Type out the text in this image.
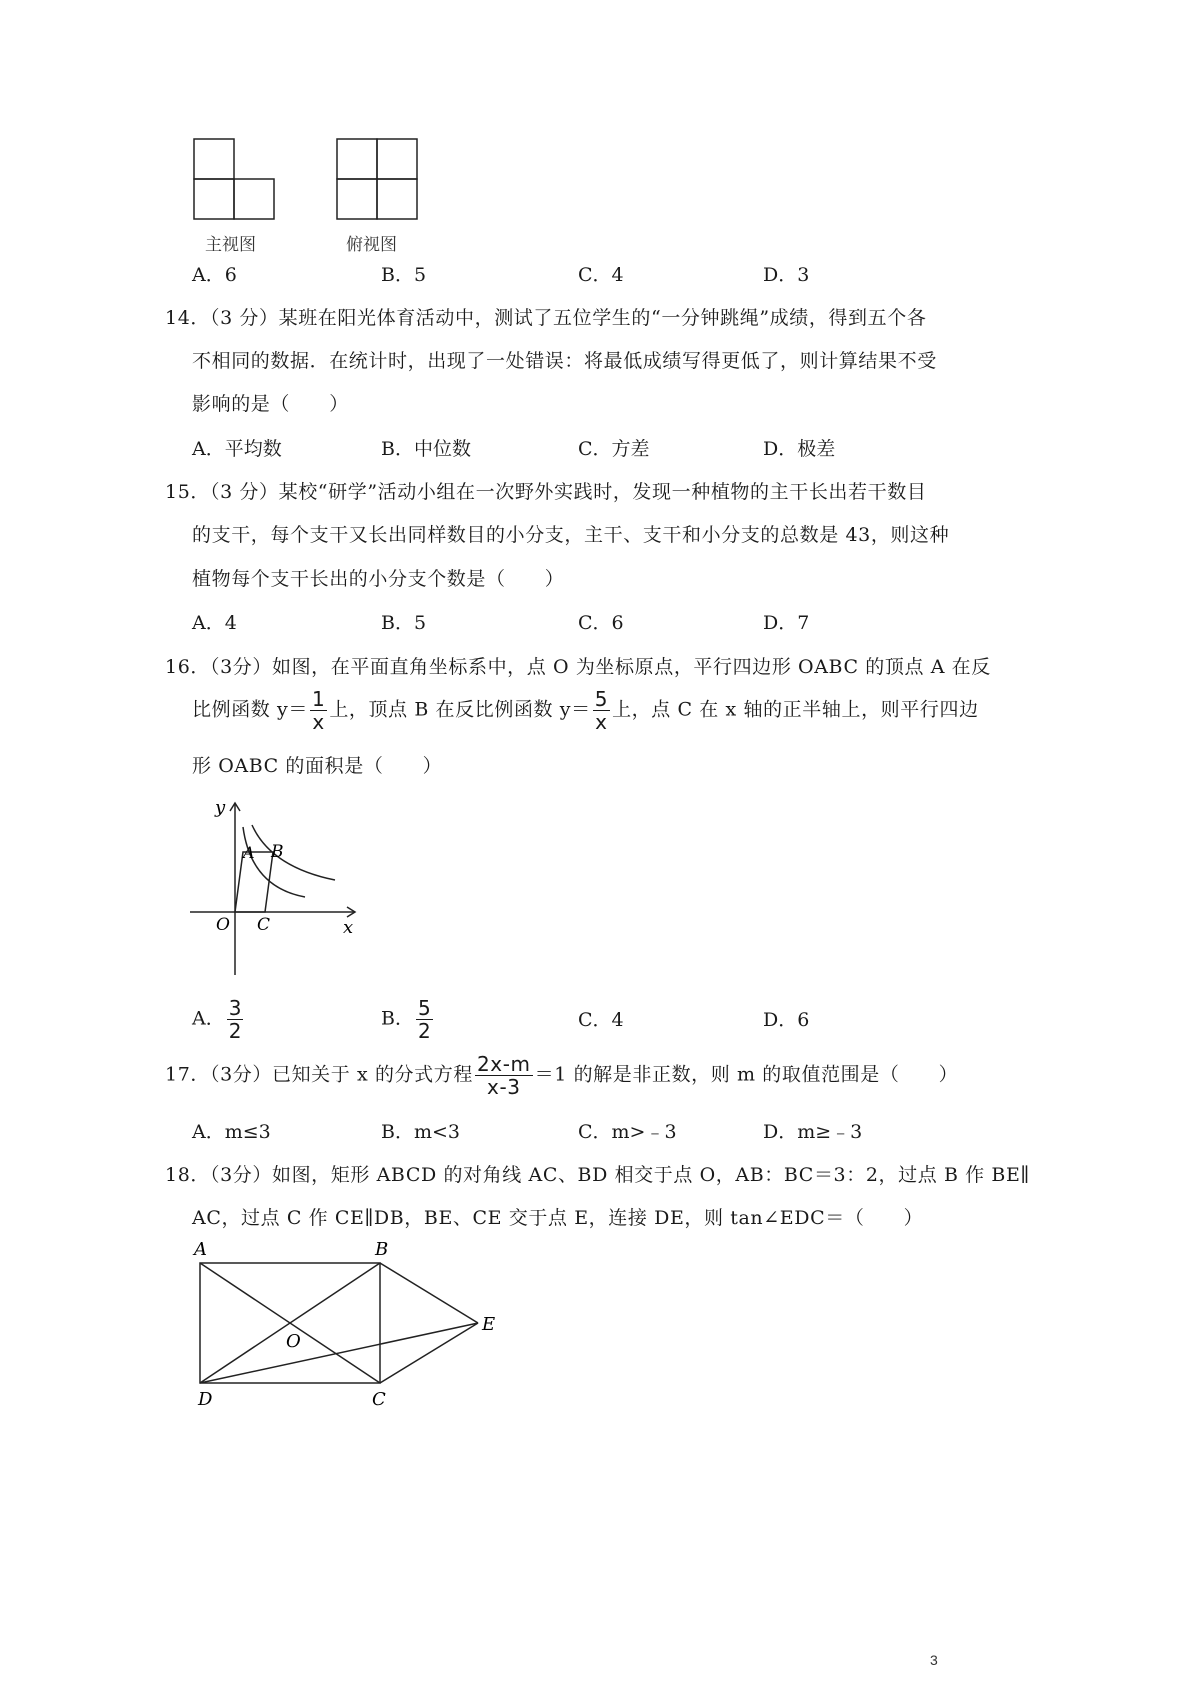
主视图	俯视图
A．6	B．5	C．4	D．3
14．（3 分）某班在阳光体育活动中，测试了五位学生的“一分钟跳绳”成绩，得到五个各
不相同的数据．在统计时，出现了一处错误：将最低成绩写得更低了，则计算结果不受
影响的是（　　）
A．平均数	B．中位数	C．方差	D．极差
15．（3 分）某校“研学”活动小组在一次野外实践时，发现一种植物的主干长出若干数目
的支干，每个支干又长出同样数目的小分支，主干、支干和小分支的总数是 43，则这种
植物每个支干长出的小分支个数是（　　）
A．4	B．5	C．6	D．7
16．（3分）如图，在平面直角坐标系中，点 O 为坐标原点，平行四边形 OABC 的顶点 A 在反
比例函数 $y= \frac{1}{x}$ 上，顶点 B 在反比例函数 $y= \frac{5}{x}$ 上，点 C 在 x 轴的正半轴上，则平行四边
形 OABC 的面积是（　　）
y
x
O
A B
C
A． $\frac{3}{2}$	B． $\frac{5}{2}$	C．4	D．6
17．（3分）已知关于 x 的分式方程 $\frac{2x-m}{x-3} =1$ 的解是非正数，则 m 的取值范围是（　　）
A．m≤3	B．m<3	C．m>﹣3	D．m≥﹣3
18．（3分）如图，矩形 ABCD 的对角线 AC、BD 相交于点 O，AB：BC＝3：2，过点 B 作 BE∥
AC，过点 C 作 CE∥DB，BE、CE 交于点 E，连接 DE，则 tan∠EDC＝（　　）
A	B
E
O
D	C
3
